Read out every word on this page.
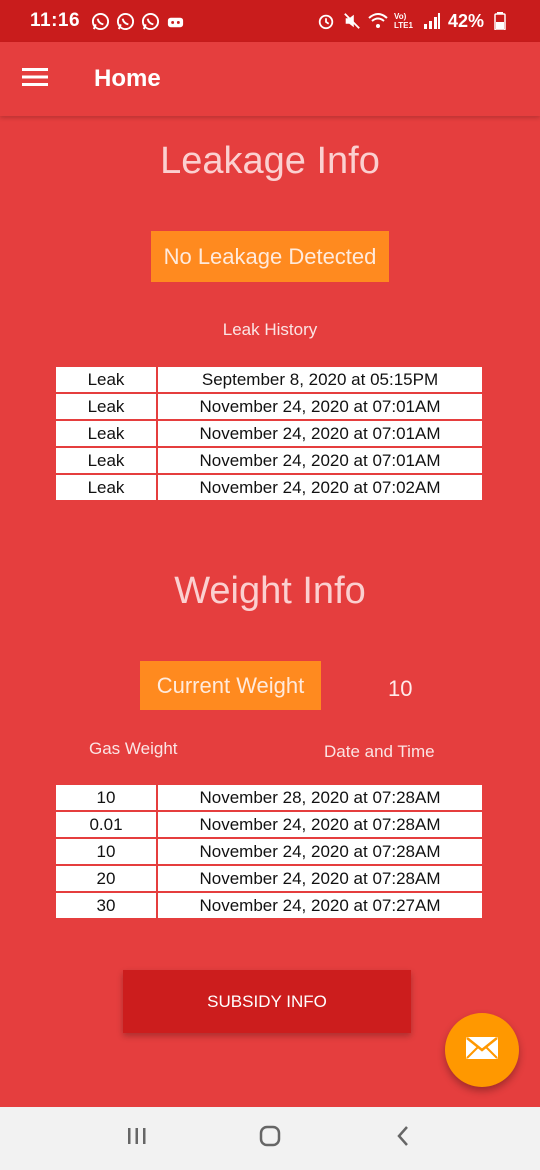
11:16	Vo) LTE1 42%
Home
Leakage Info
No Leakage Detected
Leak History
Leak	September 8, 2020 at 05:15PM
Leak	November 24, 2020 at 07:01AM
Leak	November 24, 2020 at 07:01AM
Leak	November 24, 2020 at 07:01AM
Leak	November 24, 2020 at 07:02AM
Weight Info
Current Weight	10
Gas Weight	Date and Time
10	November 28, 2020 at 07:28AM
0.01	November 24, 2020 at 07:28AM
10	November 24, 2020 at 07:28AM
20	November 24, 2020 at 07:28AM
30	November 24, 2020 at 07:27AM
SUBSIDY INFO
